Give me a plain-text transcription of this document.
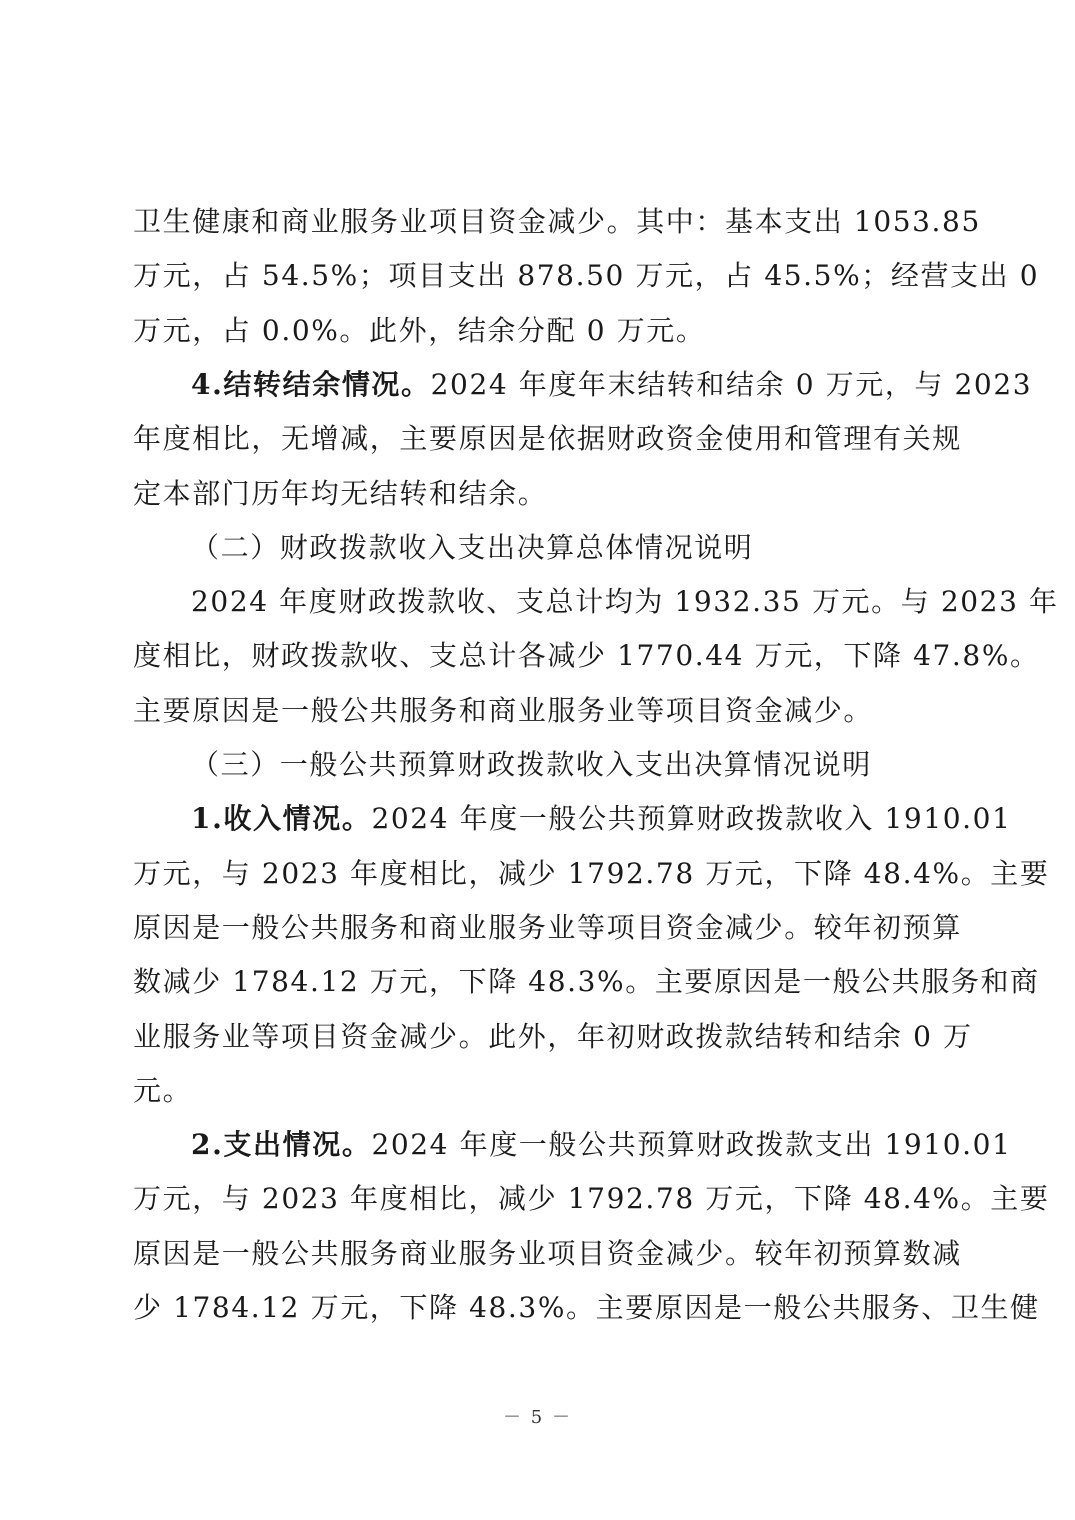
卫生健康和商业服务业项目资金减少。其中：基本支出 1053.85
万元，占 54.5%；项目支出 878.50 万元，占 45.5%；经营支出 0
万元，占 0.0%。此外，结余分配 0 万元。
4.结转结余情况。2024 年度年末结转和结余 0 万元，与 2023
年度相比，无增减，主要原因是依据财政资金使用和管理有关规
定本部门历年均无结转和结余。
（二）财政拨款收入支出决算总体情况说明
2024 年度财政拨款收、支总计均为 1932.35 万元。与 2023 年
度相比，财政拨款收、支总计各减少 1770.44 万元，下降 47.8%。
主要原因是一般公共服务和商业服务业等项目资金减少。
（三）一般公共预算财政拨款收入支出决算情况说明
1.收入情况。2024 年度一般公共预算财政拨款收入 1910.01
万元，与 2023 年度相比，减少 1792.78 万元，下降 48.4%。主要
原因是一般公共服务和商业服务业等项目资金减少。较年初预算
数减少 1784.12 万元，下降 48.3%。主要原因是一般公共服务和商
业服务业等项目资金减少。此外，年初财政拨款结转和结余 0 万
元。
2.支出情况。2024 年度一般公共预算财政拨款支出 1910.01
万元，与 2023 年度相比，减少 1792.78 万元，下降 48.4%。主要
原因是一般公共服务商业服务业项目资金减少。较年初预算数减
少 1784.12 万元，下降 48.3%。主要原因是一般公共服务、卫生健
－ 5 －
